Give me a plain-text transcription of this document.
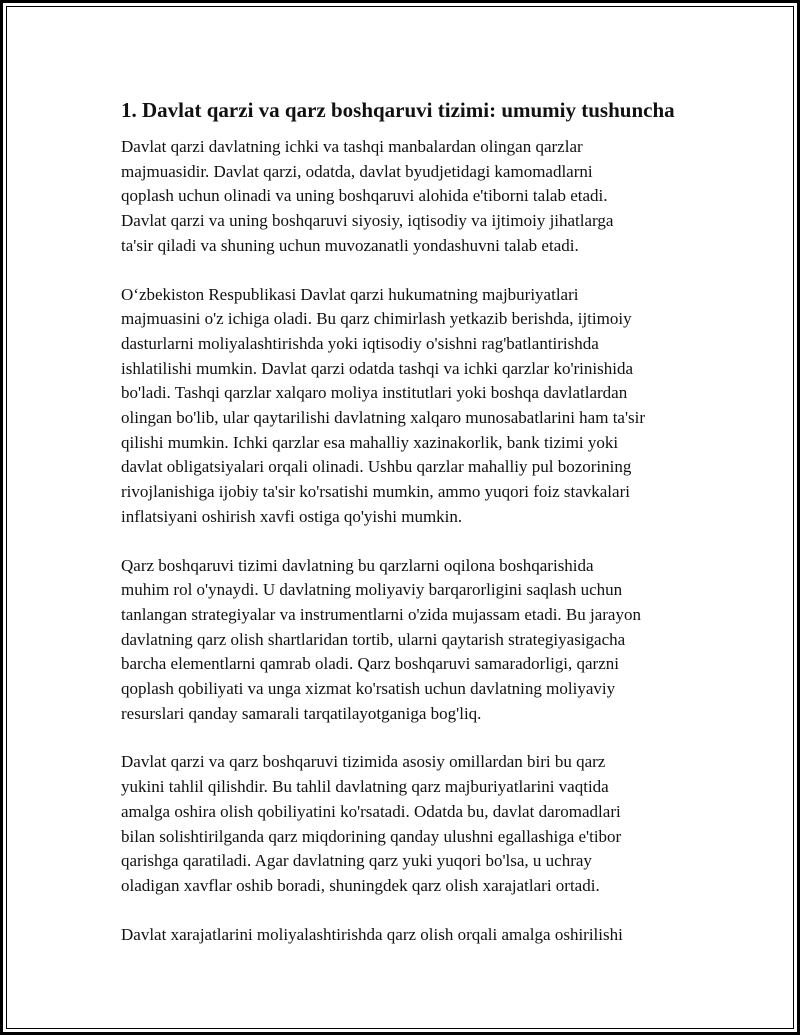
1. Davlat qarzi va qarz boshqaruvi tizimi: umumiy tushuncha

Davlat qarzi davlatning ichki va tashqi manbalardan olingan qarzlar
majmuasidir. Davlat qarzi, odatda, davlat byudjetidagi kamomadlarni
qoplash uchun olinadi va uning boshqaruvi alohida e'tiborni talab etadi.
Davlat qarzi va uning boshqaruvi siyosiy, iqtisodiy va ijtimoiy jihatlarga
ta'sir qiladi va shuning uchun muvozanatli yondashuvni talab etadi.

O‘zbekiston Respublikasi Davlat qarzi hukumatning majburiyatlari
majmuasini o'z ichiga oladi. Bu qarz chimirlash yetkazib berishda, ijtimoiy
dasturlarni moliyalashtirishda yoki iqtisodiy o'sishni rag'batlantirishda
ishlatilishi mumkin. Davlat qarzi odatda tashqi va ichki qarzlar ko'rinishida
bo'ladi. Tashqi qarzlar xalqaro moliya institutlari yoki boshqa davlatlardan
olingan bo'lib, ular qaytarilishi davlatning xalqaro munosabatlarini ham ta'sir
qilishi mumkin. Ichki qarzlar esa mahalliy xazinakorlik, bank tizimi yoki
davlat obligatsiyalari orqali olinadi. Ushbu qarzlar mahalliy pul bozorining
rivojlanishiga ijobiy ta'sir ko'rsatishi mumkin, ammo yuqori foiz stavkalari
inflatsiyani oshirish xavfi ostiga qo'yishi mumkin.

Qarz boshqaruvi tizimi davlatning bu qarzlarni oqilona boshqarishida
muhim rol o'ynaydi. U davlatning moliyaviy barqarorligini saqlash uchun
tanlangan strategiyalar va instrumentlarni o'zida mujassam etadi. Bu jarayon
davlatning qarz olish shartlaridan tortib, ularni qaytarish strategiyasigacha
barcha elementlarni qamrab oladi. Qarz boshqaruvi samaradorligi, qarzni
qoplash qobiliyati va unga xizmat ko'rsatish uchun davlatning moliyaviy
resurslari qanday samarali tarqatilayotganiga bog'liq.

Davlat qarzi va qarz boshqaruvi tizimida asosiy omillardan biri bu qarz
yukini tahlil qilishdir. Bu tahlil davlatning qarz majburiyatlarini vaqtida
amalga oshira olish qobiliyatini ko'rsatadi. Odatda bu, davlat daromadlari
bilan solishtirilganda qarz miqdorining qanday ulushni egallashiga e'tibor
qarishga qaratiladi. Agar davlatning qarz yuki yuqori bo'lsa, u uchray
oladigan xavflar oshib boradi, shuningdek qarz olish xarajatlari ortadi.

Davlat xarajatlarini moliyalashtirishda qarz olish orqali amalga oshirilishi
